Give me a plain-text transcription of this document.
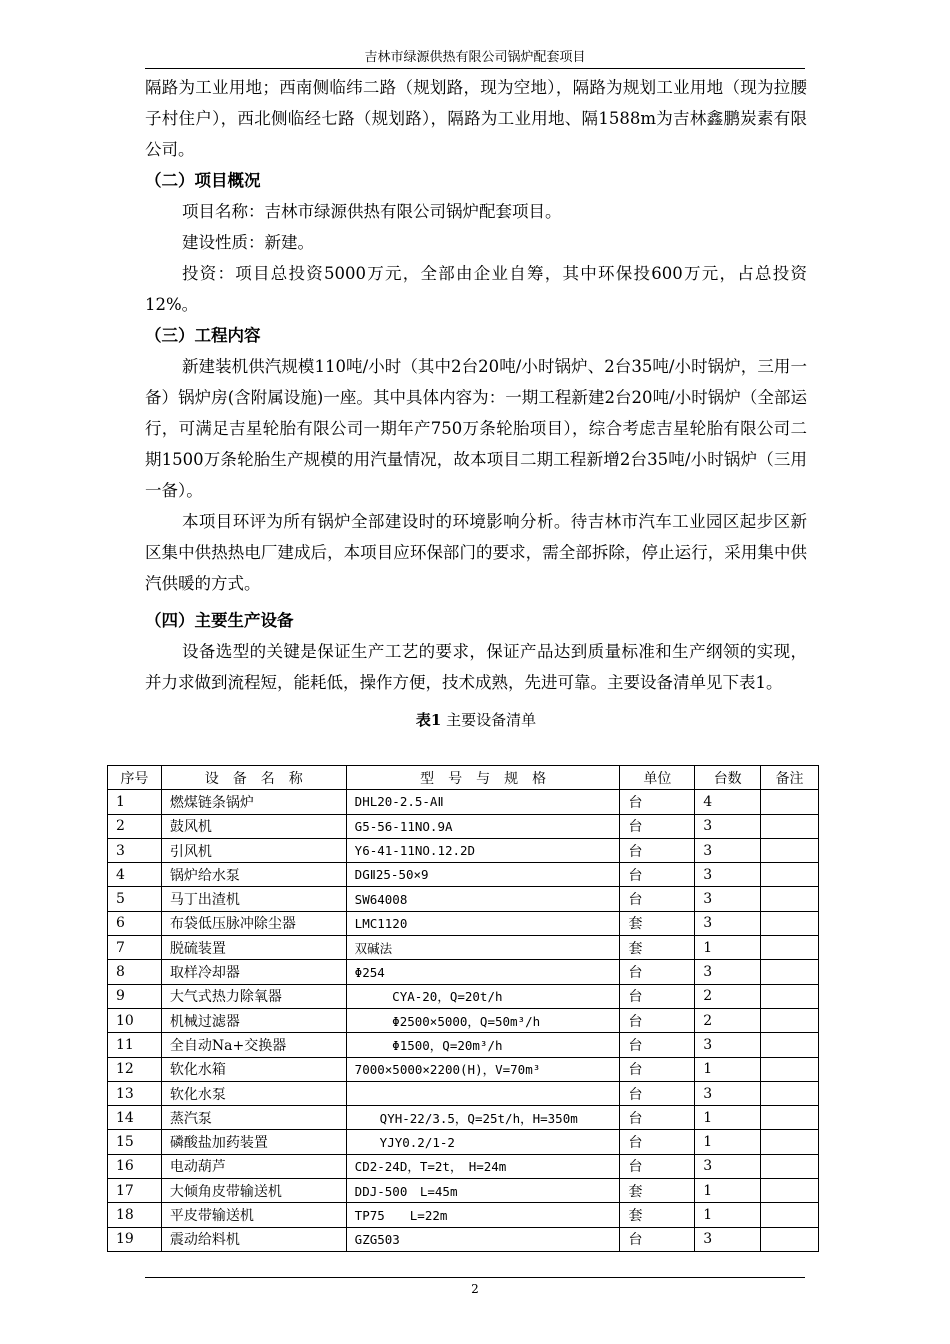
吉林市绿源供热有限公司锅炉配套项目

隔路为工业用地；西南侧临纬二路（规划路，现为空地），隔路为规划工业用地（现为拉腰子村住户），西北侧临经七路（规划路），隔路为工业用地、隔1588m为吉林鑫鹏炭素有限公司。

（二）项目概况

项目名称：吉林市绿源供热有限公司锅炉配套项目。

建设性质：新建。

投资：项目总投资5000万元，全部由企业自筹，其中环保投600万元，占总投资12%。

（三）工程内容

新建装机供汽规模110吨/小时（其中2台20吨/小时锅炉、2台35吨/小时锅炉，三用一备）锅炉房(含附属设施)一座。其中具体内容为：一期工程新建2台20吨/小时锅炉（全部运行，可满足吉星轮胎有限公司一期年产750万条轮胎项目），综合考虑吉星轮胎有限公司二期1500万条轮胎生产规模的用汽量情况，故本项目二期工程新增2台35吨/小时锅炉（三用一备）。

本项目环评为所有锅炉全部建设时的环境影响分析。待吉林市汽车工业园区起步区新区集中供热热电厂建成后，本项目应环保部门的要求，需全部拆除，停止运行，采用集中供汽供暖的方式。

（四）主要生产设备

设备选型的关键是保证生产工艺的要求，保证产品达到质量标准和生产纲领的实现，并力求做到流程短，能耗低，操作方便，技术成熟，先进可靠。主要设备清单见下表1。

表1 主要设备清单
序号	设　备　名　称	型　号　与　规　格	单位	台数	备注
1	燃煤链条锅炉	DHL20-2.5-AⅡ	台	4	
2	鼓风机	G5-56-11NO.9A	台	3	
3	引风机	Y6-41-11NO.12.2D	台	3	
4	锅炉给水泵	DGⅡ25-50×9	台	3	
5	马丁出渣机	SW64008	台	3	
6	布袋低压脉冲除尘器	LMC1120	套	3	
7	脱硫装置	双碱法	套	1	
8	取样冷却器	Φ254	台	3	
9	大气式热力除氧器	　　　CYA-20，Q=20t/h	台	2	
10	机械过滤器	　　　Φ2500×5000，Q=50m³/h	台	2	
11	全自动Na+交换器	　　　Φ1500，Q=20m³/h	台	3	
12	软化水箱	7000×5000×2200(H)，V=70m³	台	1	
13	软化水泵		台	3	
14	蒸汽泵	　　QYH-22/3.5，Q=25t/h，H=350m	台	1	
15	磷酸盐加药装置	　　YJY0.2/1-2	台	1	
16	电动葫芦	CD2-24D，T=2t，　H=24m	台	3	
17	大倾角皮带输送机	DDJ-500　L=45m	套	1	
18	平皮带输送机	TP75　　L=22m	套	1	
19	震动给料机	GZG503	台	3	
2
